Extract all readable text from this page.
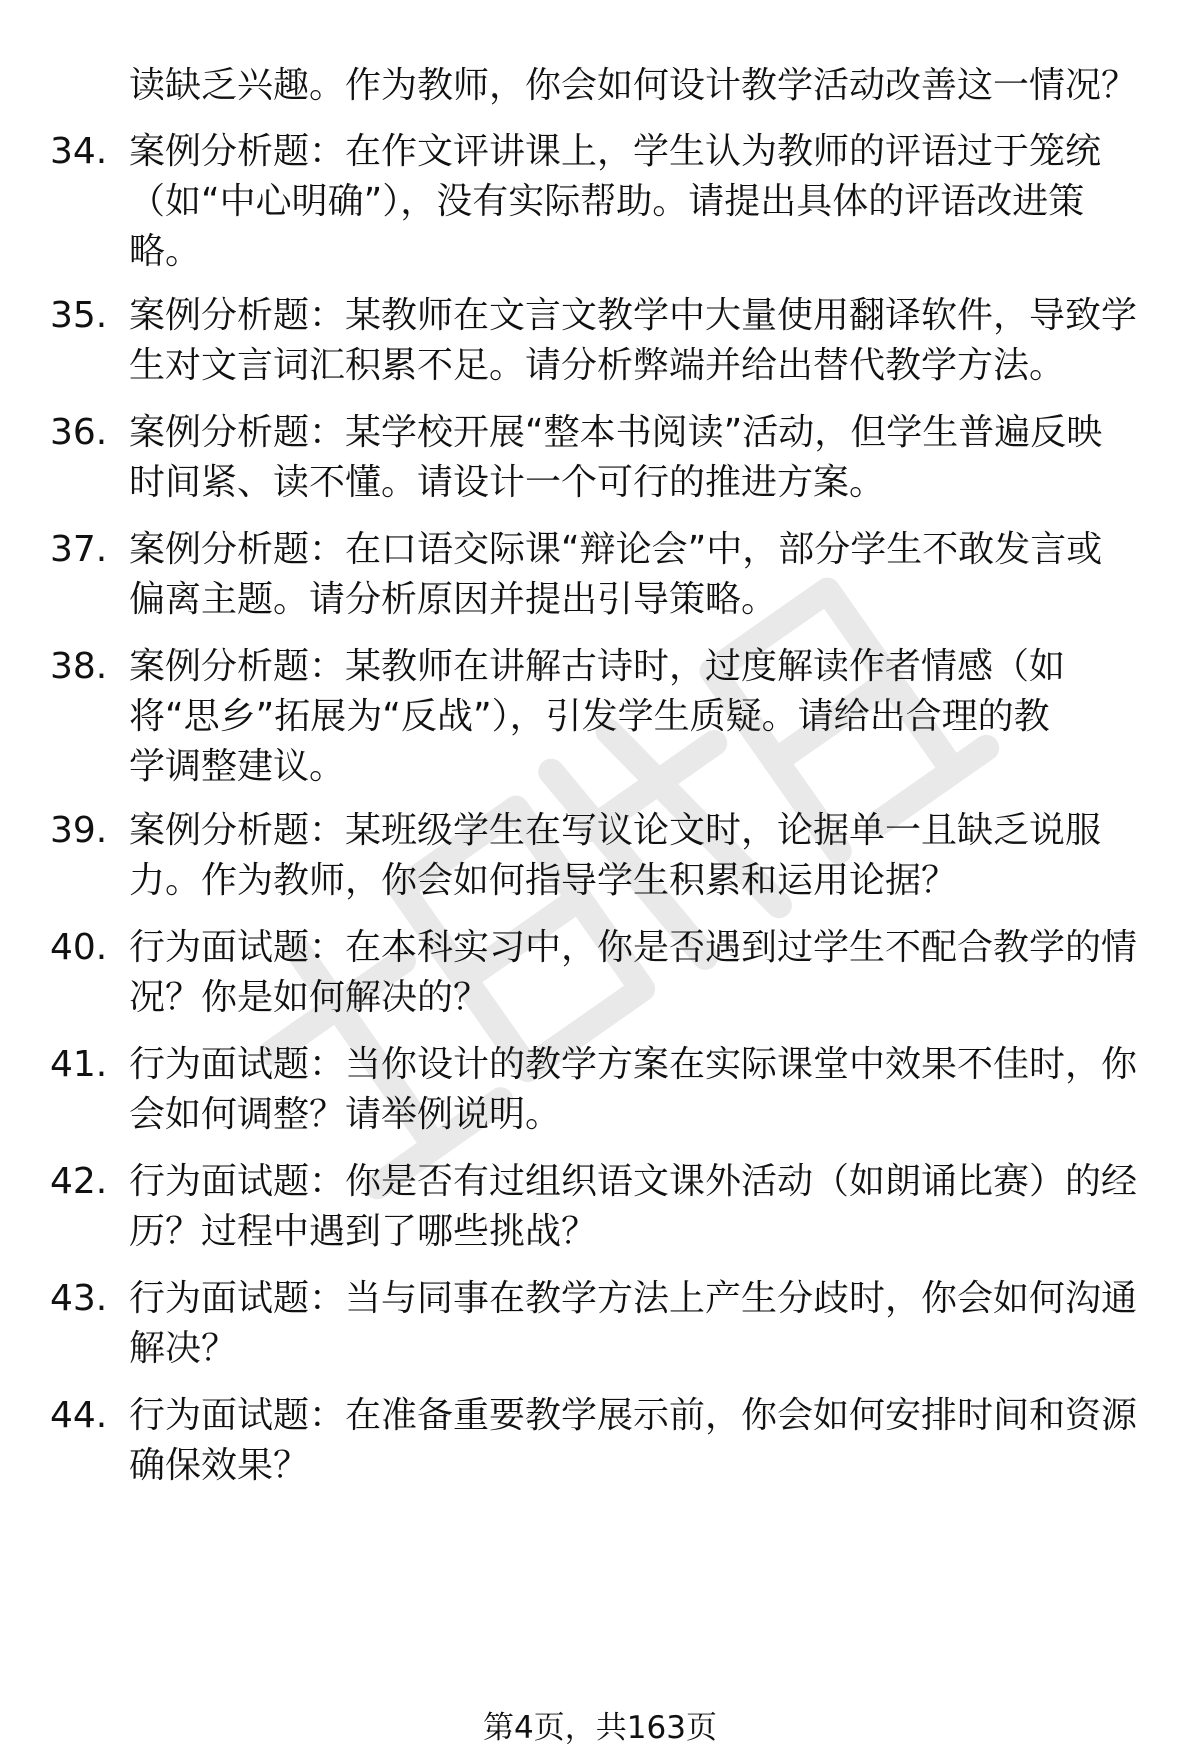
读缺乏兴趣。作为教师，你会如何设计教学活动改善这一情况？
34. 案例分析题：在作文评讲课上，学生认为教师的评语过于笼统
（如“中心明确”），没有实际帮助。请提出具体的评语改进策
略。
35. 案例分析题：某教师在文言文教学中大量使用翻译软件，导致学
生对文言词汇积累不足。请分析弊端并给出替代教学方法。
36. 案例分析题：某学校开展“整本书阅读”活动，但学生普遍反映
时间紧、读不懂。请设计一个可行的推进方案。
37. 案例分析题：在口语交际课“辩论会”中，部分学生不敢发言或
偏离主题。请分析原因并提出引导策略。
38. 案例分析题：某教师在讲解古诗时，过度解读作者情感（如
将“思乡”拓展为“反战”），引发学生质疑。请给出合理的教
学调整建议。
39. 案例分析题：某班级学生在写议论文时，论据单一且缺乏说服
力。作为教师，你会如何指导学生积累和运用论据？
40. 行为面试题：在本科实习中，你是否遇到过学生不配合教学的情
况？你是如何解决的？
41. 行为面试题：当你设计的教学方案在实际课堂中效果不佳时，你
会如何调整？请举例说明。
42. 行为面试题：你是否有过组织语文课外活动（如朗诵比赛）的经
历？过程中遇到了哪些挑战？
43. 行为面试题：当与同事在教学方法上产生分歧时，你会如何沟通
解决？
44. 行为面试题：在准备重要教学展示前，你会如何安排时间和资源
确保效果？
第4页，共163页
